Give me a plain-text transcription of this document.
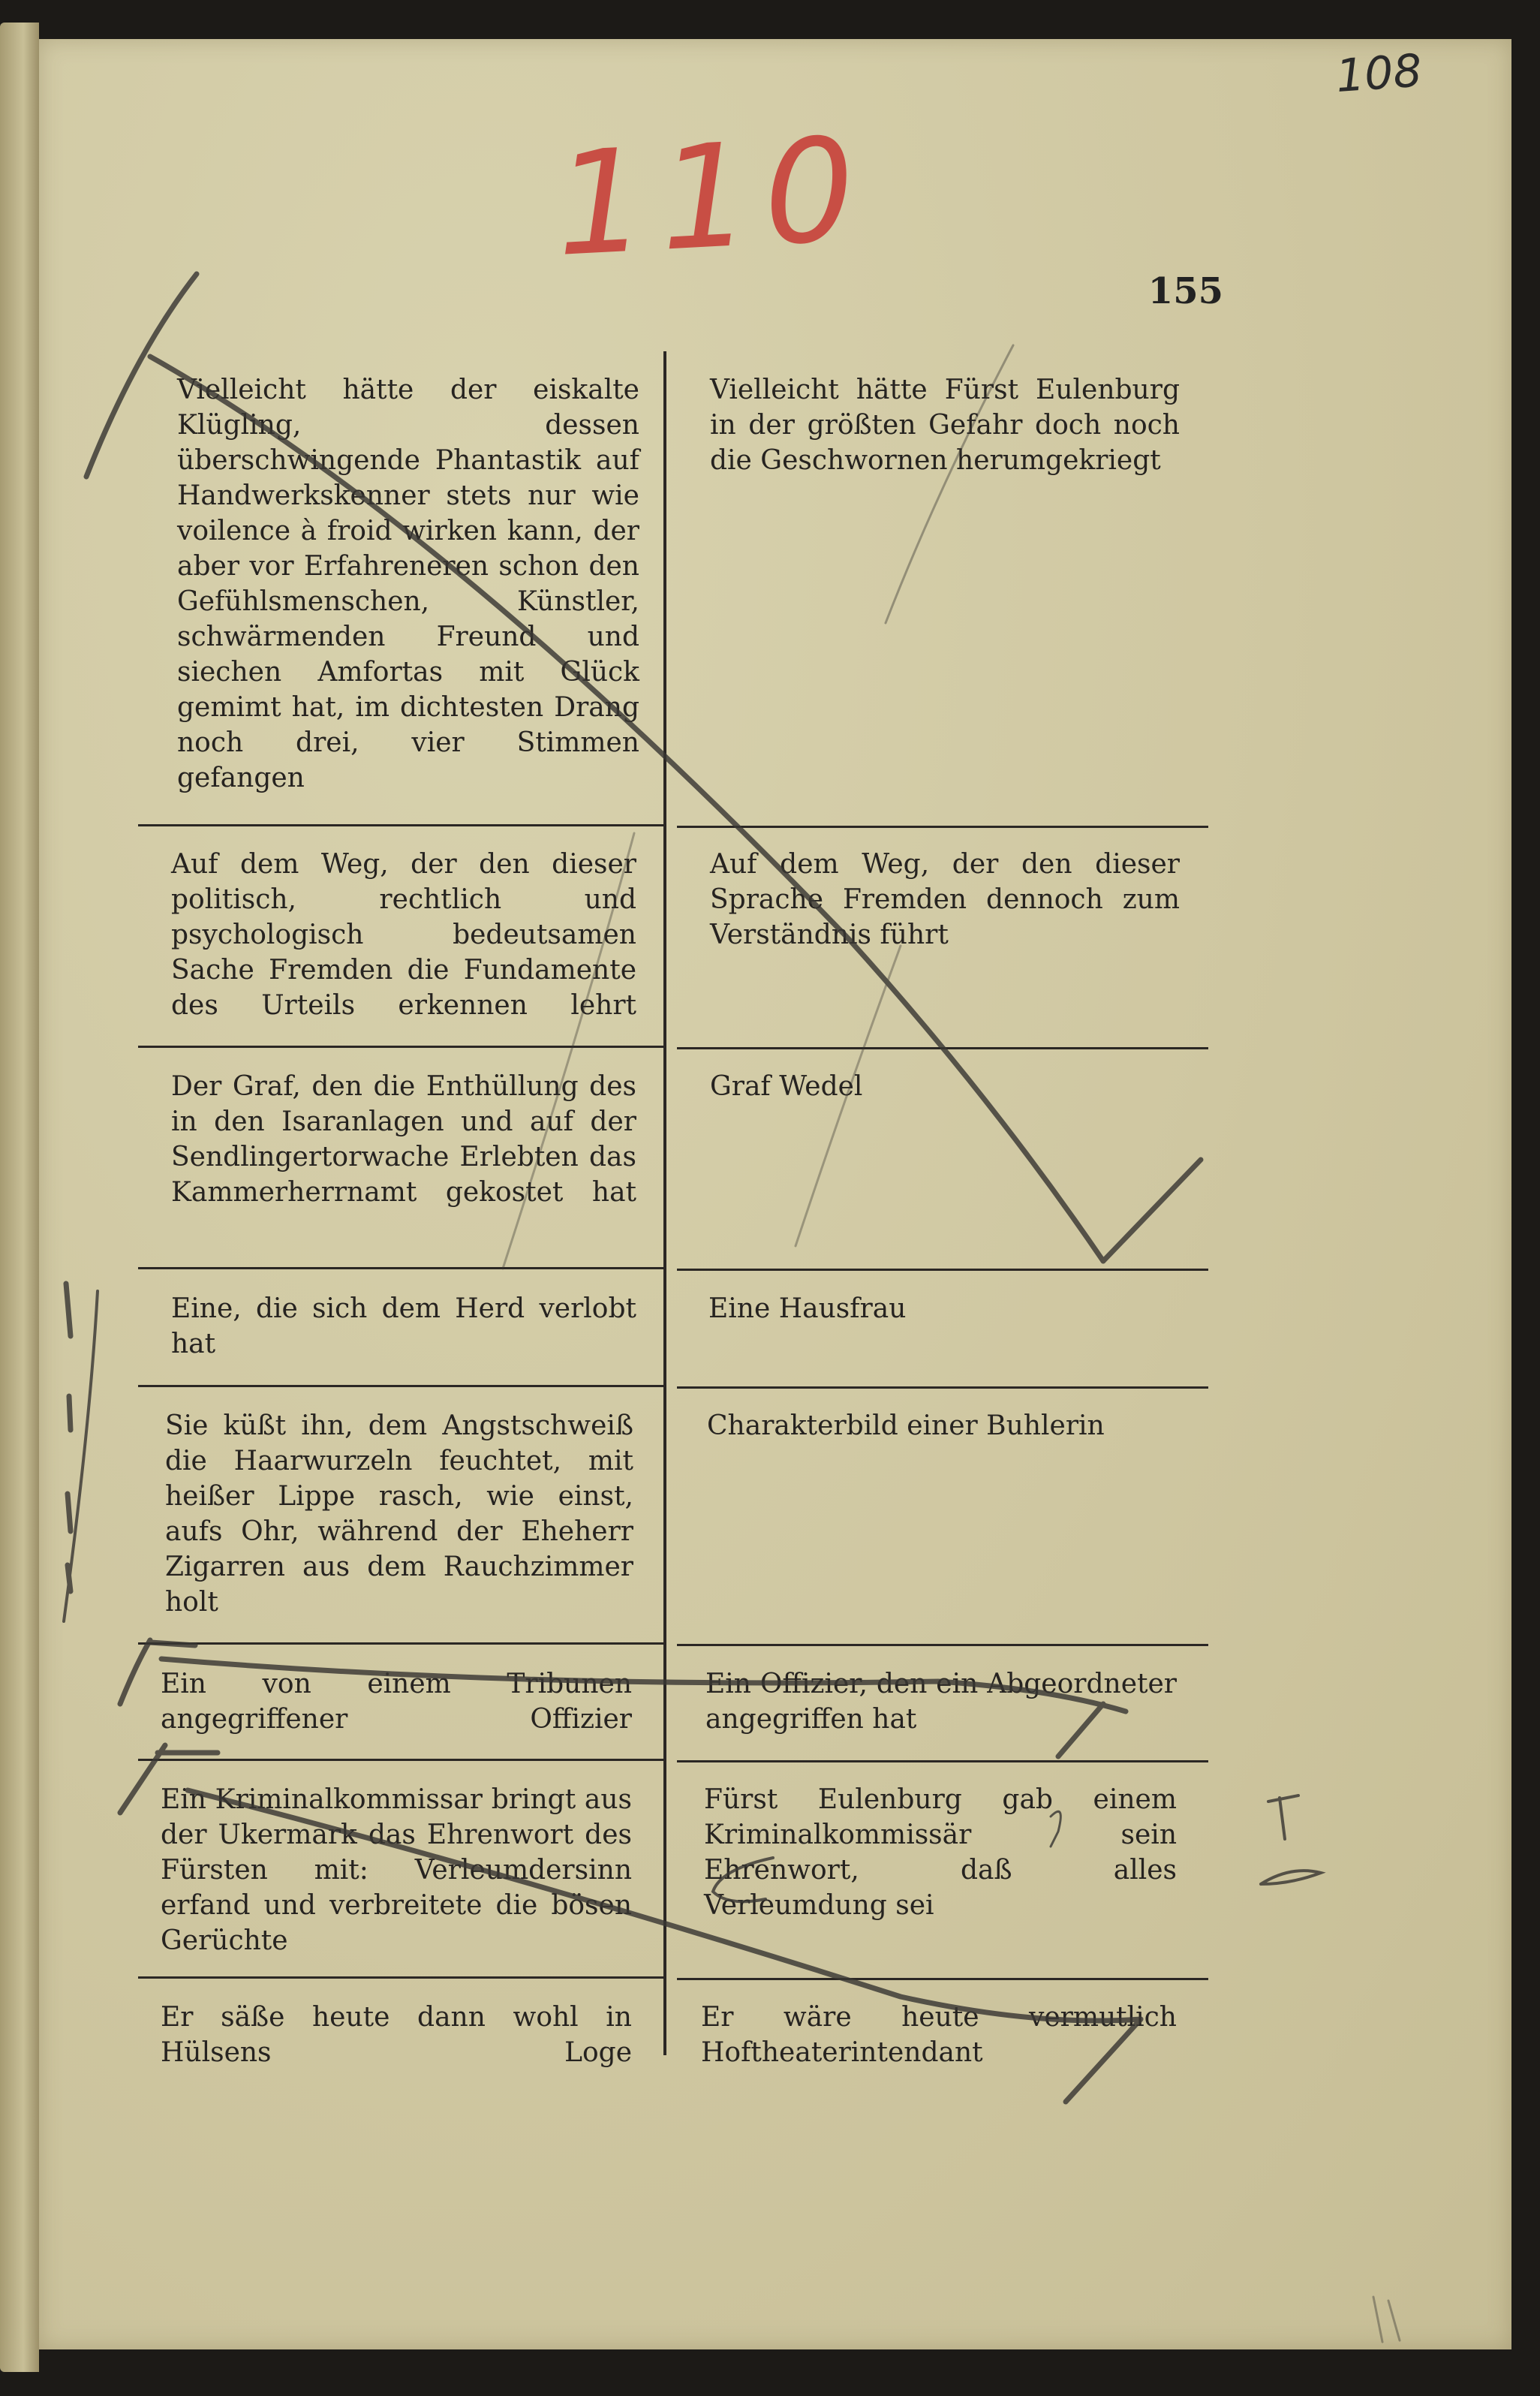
108
110
155
Vielleicht hätte der eiskalte Klügling, dessen überschwingende Phantastik auf Handwerkskenner stets nur wie voilence à froid wirken kann, der aber vor Erfahreneren schon den Gefühlsmenschen, Künstler, schwärmenden Freund und siechen Amfortas mit Glück gemimt hat, im dichtesten Drang noch drei, vier Stimmen gefangen
Vielleicht hätte Fürst Eulenburg in der größten Gefahr doch noch die Geschwornen herumgekriegt
Auf dem Weg, der den dieser politisch, rechtlich und psychologisch bedeutsamen Sache Fremden die Fundamente des Urteils erkennen lehrt
Auf dem Weg, der den dieser Sprache Fremden dennoch zum Verständnis führt
Der Graf, den die Enthüllung des in den Isaranlagen und auf der Sendlingertorwache Erlebten das Kammerherrnamt gekostet hat
Graf Wedel
Eine, die sich dem Herd verlobt hat
Eine Hausfrau
Sie küßt ihn, dem Angstschweiß die Haarwurzeln feuchtet, mit heißer Lippe rasch, wie einst, aufs Ohr, während der Eheherr Zigarren aus dem Rauchzimmer holt
Charakterbild einer Buhlerin
Ein von einem Tribunen angegriffener Offizier
Ein Offizier, den ein Abgeordneter angegriffen hat
Ein Kriminalkommissar bringt aus der Ukermark das Ehrenwort des Fürsten mit: Verleumdersinn erfand und verbreitete die bösen Gerüchte
Fürst Eulenburg gab einem Kriminalkommissär sein Ehrenwort, daß alles Verleumdung sei
Er säße heute dann wohl in Hülsens Loge
Er wäre heute vermutlich Hoftheaterintendant
